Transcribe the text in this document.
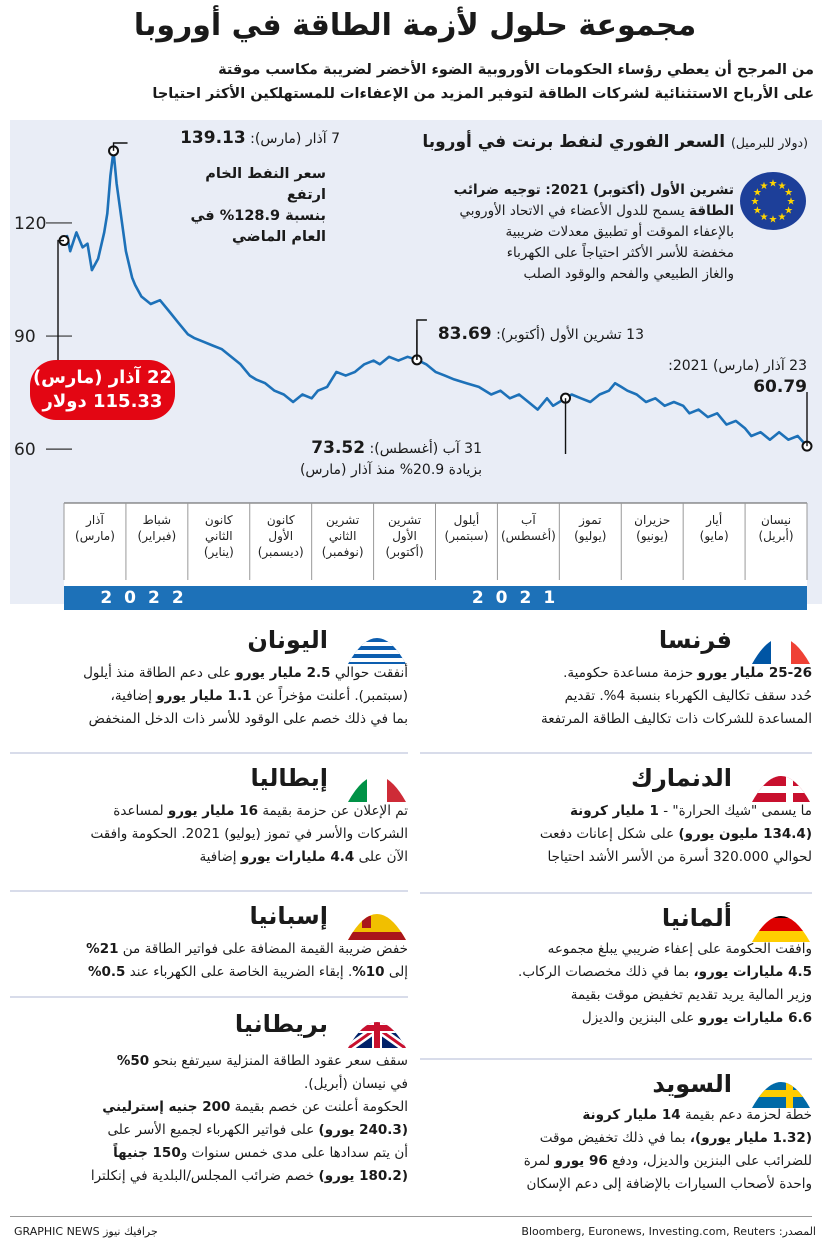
مجموعة حلول لأزمة الطاقة في أوروبا
من المرجح أن يعطي رؤساء الحكومات الأوروبية الضوء الأخضر لضريبة مكاسب موقتة
على الأرباح الاستثنائية لشركات الطاقة لتوفير المزيد من الإعفاءات للمستهلكين الأكثر احتياجا
60
90
120
نيسان
(أبريل)
أيار
(مايو)
حزيران
(يونيو)
تموز
(يوليو)
آب
(أغسطس)
أيلول
(سبتمبر)
تشرين
الأول
(أكتوبر)
تشرين
الثاني
(نوفمبر)
كانون
الأول
(ديسمبر)
كانون
الثاني
(يناير)
شباط
(فبراير)
آذار
(مارس)
(دولار للبرميل) السعر الفوري لنفط برنت في أوروبا
★
★
★
★
★
★
★
★
★ ★ ★
★
تشرين الأول (أكتوبر) 2021: توجيه ضرائب
الطاقة يسمح للدول الأعضاء في الاتحاد الأوروبي
بالإعفاء الموقت أو تطبيق معدلات ضريبية
مخفضة للأسر الأكثر احتياجاً على الكهرباء
والغاز الطبيعي والفحم والوقود الصلب
7 آذار (مارس): 139.13
سعر النفط الخام ارتفع
بنسبة 128.9% في
العام الماضي
22 آذار (مارس)
115.33 دولار
13 تشرين الأول (أكتوبر): 83.69
31 آب (أغسطس): 73.52
بزيادة 20.9% منذ آذار (مارس)
23 آذار (مارس) 2021:
60.79
2022	2021
فرنسا
25-26 مليار يورو حزمة مساعدة حكومية.
حُدد سقف تكاليف الكهرباء بنسبة 4%. تقديم
المساعدة للشركات ذات تكاليف الطاقة المرتفعة
اليونان
أنفقت حوالي 2.5 مليار يورو على دعم الطاقة منذ أيلول
(سبتمبر). أعلنت مؤخراً عن 1.1 مليار يورو إضافية،
بما في ذلك خصم على الوقود للأسر ذات الدخل المنخفض
الدنمارك
ما يسمى "شيك الحرارة" - 1 مليار كرونة
(134.4 مليون يورو) على شكل إعانات دفعت
لحوالي 320.000 أسرة من الأسر الأشد احتياجا
إيطاليا
تم الإعلان عن حزمة بقيمة 16 مليار يورو لمساعدة
الشركات والأسر في تموز (يوليو) 2021. الحكومة وافقت
الآن على 4.4 مليارات يورو إضافية
ألمانيا
وافقت الحكومة على إعفاء ضريبي يبلغ مجموعه
4.5 مليارات يورو، بما في ذلك مخصصات الركاب.
وزير المالية يريد تقديم تخفيض موقت بقيمة
6.6 مليارات يورو على البنزين والديزل
إسبانيا
خفض ضريبة القيمة المضافة على فواتير الطاقة من 21%
إلى 10%. إبقاء الضريبة الخاصة على الكهرباء عند 0.5%
السويد
خطة لحزمة دعم بقيمة 14 مليار كرونة
(1.32 مليار يورو)، بما في ذلك تخفيض موقت
للضرائب على البنزين والديزل، ودفع 96 يورو لمرة
واحدة لأصحاب السيارات بالإضافة إلى دعم الإسكان
بريطانيا
سقف سعر عقود الطاقة المنزلية سيرتفع بنحو 50%
في نيسان (أبريل).
الحكومة أعلنت عن خصم بقيمة 200 جنيه إسترليني
(240.3 يورو) على فواتير الكهرباء لجميع الأسر على
أن يتم سدادها على مدى خمس سنوات و150 جنيهاً
(180.2 يورو) خصم ضرائب المجلس/البلدية في إنكلترا
المصدر: Bloomberg, Euronews, Investing.com, Reuters
GRAPHIC NEWS جرافيك نيوز
